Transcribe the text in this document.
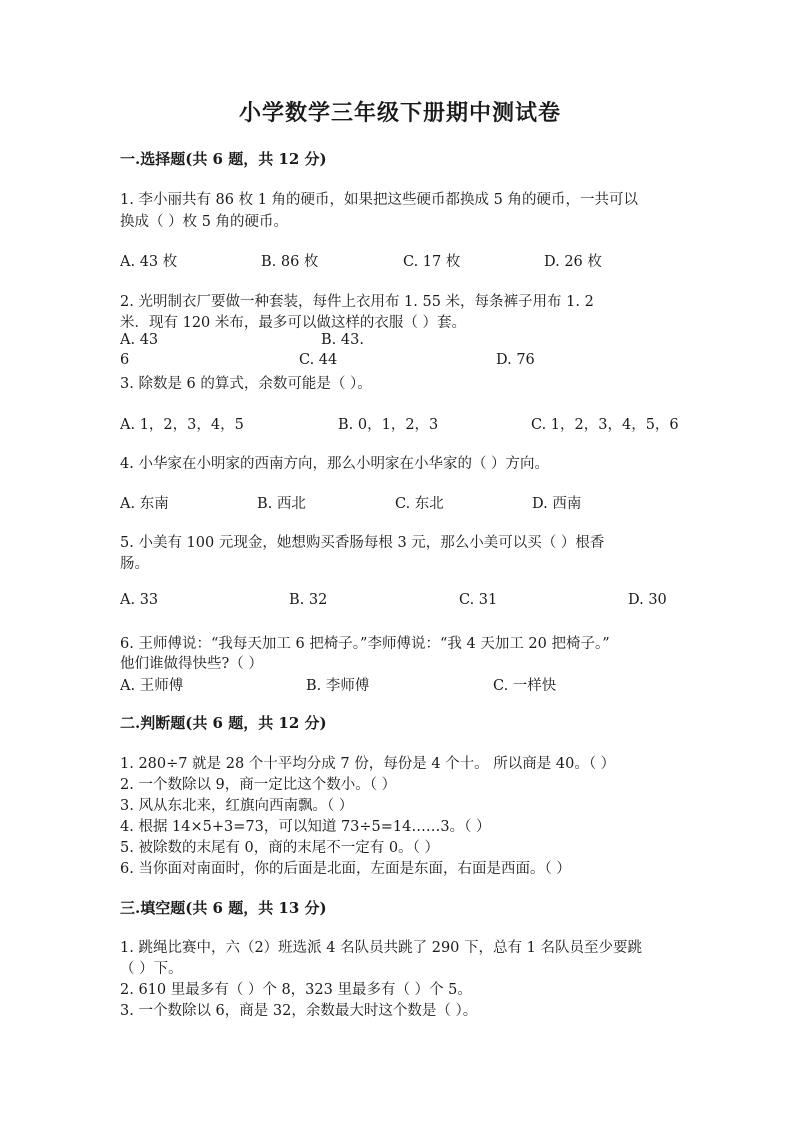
小学数学三年级下册期中测试卷
一.选择题(共 6 题，共 12 分)
1. 李小丽共有 86 枚 1 角的硬币，如果把这些硬币都换成 5 角的硬币，一共可以
换成（ ）枚 5 角的硬币。
A. 43 枚	B. 86 枚	C. 17 枚	D. 26 枚
2. 光明制衣厂要做一种套装，每件上衣用布 1. 55 米，每条裤子用布 1. 2
米．现有 120 米布，最多可以做这样的衣服（ ）套。
A. 43	B. 43.
6	C. 44	D. 76
3. 除数是 6 的算式，余数可能是（ ）。
A. 1，2，3，4，5	B. 0，1，2，3	C. 1，2，3，4，5，6
4. 小华家在小明家的西南方向，那么小明家在小华家的（ ）方向。
A. 东南	B. 西北	C. 东北	D. 西南
5. 小美有 100 元现金，她想购买香肠每根 3 元，那么小美可以买（ ）根香
肠。
A. 33	B. 32	C. 31	D. 30
6. 王师傅说：“我每天加工 6 把椅子。”李师傅说：“我 4 天加工 20 把椅子。”
他们谁做得快些?（ ）
A. 王师傅	B. 李师傅	C. 一样快
二.判断题(共 6 题，共 12 分)
1. 280÷7 就是 28 个十平均分成 7 份，每份是 4 个十。 所以商是 40。（ ）
2. 一个数除以 9，商一定比这个数小。（ ）
3. 风从东北来，红旗向西南飘。（ ）
4. 根据 14×5+3=73，可以知道 73÷5=14……3。（ ）
5. 被除数的末尾有 0，商的末尾不一定有 0。（ ）
6. 当你面对南面时，你的后面是北面，左面是东面，右面是西面。（ ）
三.填空题(共 6 题，共 13 分)
1. 跳绳比赛中，六（2）班选派 4 名队员共跳了 290 下，总有 1 名队员至少要跳
（ ）下。
2. 610 里最多有（ ）个 8，323 里最多有（ ）个 5。
3. 一个数除以 6，商是 32，余数最大时这个数是（ ）。
